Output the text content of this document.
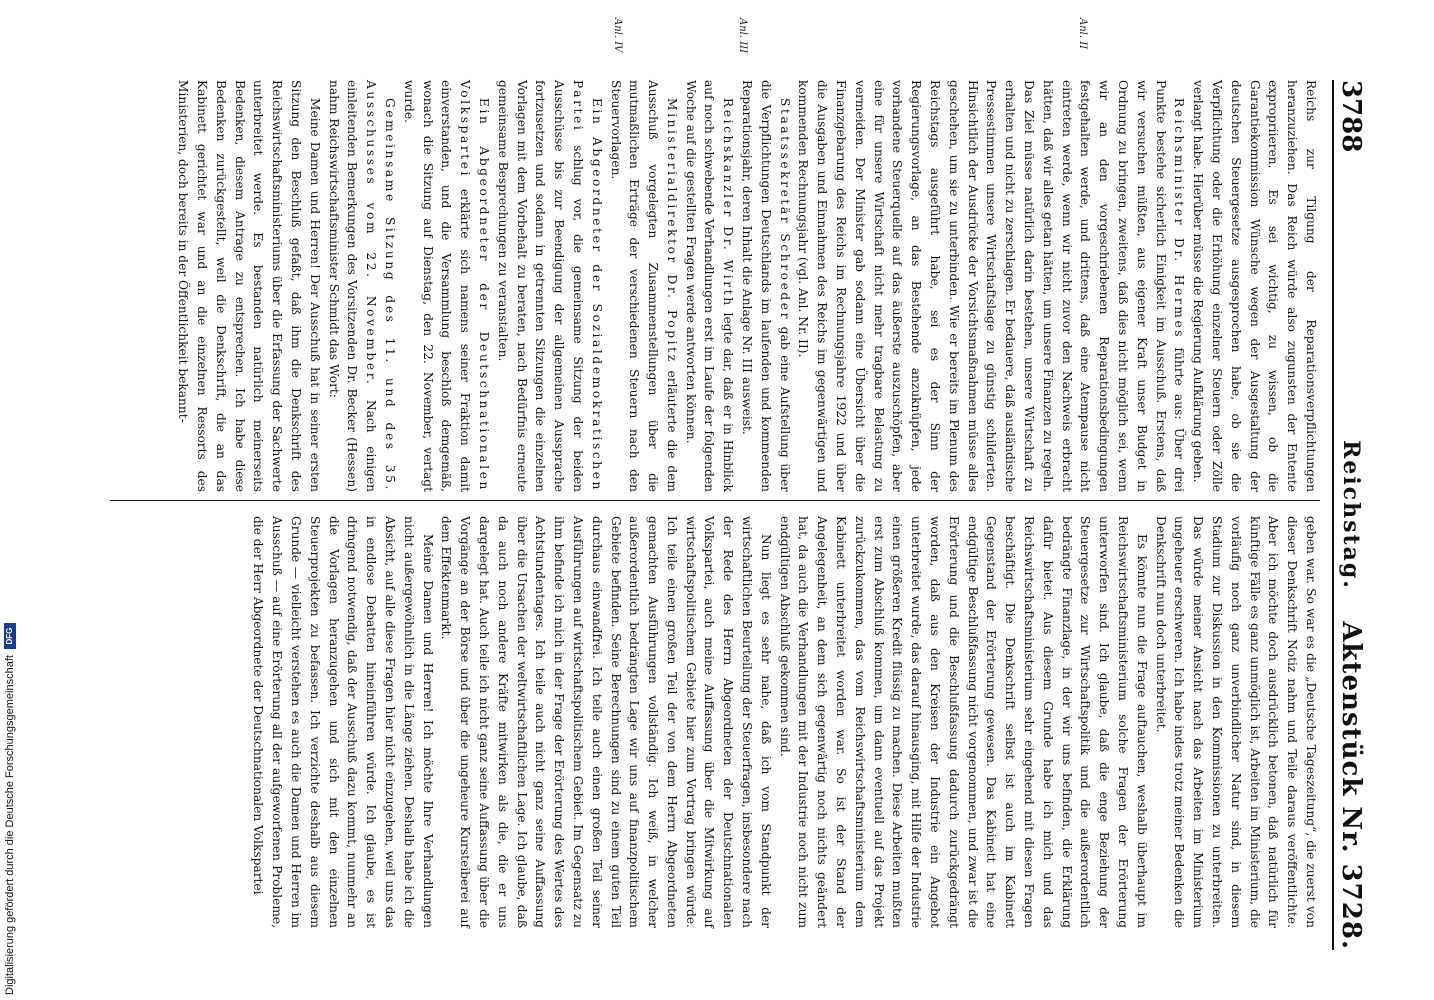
3788
Reichstag.
Aktenstück Nr. 3728.

Reichs zur Tilgung der Reparationsverpflichtungen heranzuziehen. Das Reich würde also zugunsten der Entente expropriieren. Es sei wichtig, zu wissen, ob die Garantiekommission Wünsche wegen der Ausgestaltung der deutschen Steuergesetze ausgesprochen habe, ob sie die Verpflichtung oder die Erhöhung einzelner Steuern oder Zölle verlangt habe. Hierüber müsse die Regierung Aufklärung geben.

Reichsminister Dr. Hermes führte aus: Über drei Punkte bestehe sicherlich Einigkeit im Ausschuß. Erstens, daß wir versuchen müßten, aus eigener Kraft unser Budget in Ordnung zu bringen, zweitens, daß dies nicht möglich sei, wenn wir an den vorgeschriebenen Reparationsbedingungen festgehalten werde, und drittens, daß eine Atempause nicht eintreten werde, wenn wir nicht zuvor den Nachweis erbracht hätten, daß wir alles getan hätten, um unsere Finanzen zu regeln. Das Ziel müsse natürlich darin bestehen, unsere Wirtschaft zu erhalten und nicht zu zerschlagen. Er bedauere, daß ausländische Pressestimmen unsere Wirtschaftslage zu günstig schilderten. Hinsichtlich der Ausdrücke der Vorsichtsmaßnahmen müsse alles geschehen, um sie zu unterbinden. Wie er bereits im Plenum des Reichstags ausgeführt habe, sei es der Sinn der Regierungsvorlage, an das Bestehende anzuknüpfen, jede vorhandene Steuerquelle auf das äußerste auszuschöpfen, aber eine für unsere Wirtschaft nicht mehr tragbare Belastung zu vermeiden. Der Minister gab sodann eine Übersicht über die Finanzgebarung des Reichs im Rechnungsjahre 1922 und über die Ausgaben und Einnahmen des Reichs im gegenwärtigen und kommenden Rechnungsjahr (vgl. Anl. Nr. II).

Staatssekretär Schroeder gab eine Aufstellung über die Verpflichtungen Deutschlands im laufenden und kommenden Reparationsjahr, deren Inhalt die Anlage Nr. III ausweist.

Reichskanzler Dr. Wirth legte dar, daß er in Hinblick auf noch schwebende Verhandlungen erst im Laufe der folgenden Woche auf die gestellten Fragen werde antworten können.

Ministerialdirektor Dr. Popitz erläuterte die dem Ausschuß vorgelegten Zusammenstellungen über die mutmaßlichen Erträge der verschiedenen Steuern nach den Steuervorlagen.

Ein Abgeordneter der Sozialdemokratischen Partei schlug vor, die gemeinsame Sitzung der beiden Ausschüsse bis zur Beendigung der allgemeinen Aussprache fortzusetzen und sodann in getrennten Sitzungen die einzelnen Vorlagen mit dem Vorbehalt zu beraten, nach Bedürfnis erneute gemeinsame Besprechungen zu veranstalten.

Ein Abgeordneter der Deutschnationalen Volkspartei erklärte sich namens seiner Fraktion damit einverstanden, und die Versammlung beschloß demgemäß, wonach die Sitzung auf Dienstag, den 22. November, vertagt wurde.

Gemeinsame Sitzung des 11. und des 35. Ausschusses vom 22. November. Nach einigen einleitenden Bemerkungen des Vorsitzenden Dr. Becker (Hessen) nahm Reichswirtschaftsminister Schmidt das Wort:

Meine Damen und Herren! Der Ausschuß hat in seiner ersten Sitzung den Beschluß gefaßt, daß ihm die Denkschrift des Reichswirtschaftsministeriums über die Erfassung der Sachwerte unterbreitet werde. Es bestanden natürlich meinerseits Bedenken, diesem Antrage zu entsprechen. Ich habe diese Bedenken zurückgestellt, weil die Denkschrift, die an das Kabinett gerichtet war und an die einzelnen Ressorts des Ministerien, doch bereits in der Öffentlichkeit bekannt-

geben war. So war es die „Deutsche Tageszeitung“, die zuerst von dieser Denkschrift Notiz nahm und Teile daraus veröffentlichte. Aber ich möchte doch ausdrücklich betonen, daß natürlich für künftige Fälle es ganz unmöglich ist, Arbeiten im Ministerium, die vorläufig noch ganz unverbindlicher Natur sind, in diesem Stadium zur Diskussion in den Kommissionen zu unterbreiten. Das würde meiner Ansicht nach das Arbeiten im Ministerium ungeheuer erschweren. Ich habe indes trotz meiner Bedenken die Denkschrift nun doch unterbreitet.

Es könnte nun die Frage auftauchen, weshalb überhaupt im Reichswirtschaftsministerium solche Fragen der Erörterung unterworfen sind. Ich glaube, daß die enge Beziehung der Steuergesetze zur Wirtschaftspolitik und die außerordentlich bedrängte Finanzlage, in der wir uns befinden, die Erklärung dafür bietet. Aus diesem Grunde habe ich mich und das Reichswirtschaftsministerium sehr eingehend mit diesen Fragen beschäftigt. Die Denkschrift selbst ist auch im Kabinett Gegenstand der Erörterung gewesen. Das Kabinett hat eine endgültige Beschlußfassung nicht vorgenommen, und zwar ist die Erörterung und die Beschlußfassung dadurch zurückgedrängt worden, daß aus den Kreisen der Industrie ein Angebot unterbreitet wurde, das darauf hinausging, mit Hilfe der Industrie einen größeren Kredit flüssig zu machen. Diese Arbeiten mußten erst zum Abschluß kommen, um dann eventuell auf das Projekt zurückzukommen, das vom Reichswirtschaftsministerium dem Kabinett unterbreitet worden war. So ist der Stand der Angelegenheit, an dem sich gegenwärtig noch nichts geändert hat, da auch die Verhandlungen mit der Industrie noch nicht zum endgültigen Abschluß gekommen sind.

Nun liegt es sehr nahe, daß ich vom Standpunkt der wirtschaftlichen Beurteilung der Steuerfragen, insbesondere nach der Rede des Herrn Abgeordneten der Deutschnationalen Volkspartei, auch meine Auffassung über die Mitwirkung auf wirtschaftspolitischem Gebiete hier zum Vortrag bringen würde. Ich teile einen großen Teil der von dem Herrn Abgeordneten gemachten Ausführungen vollständig. Ich weiß, in welcher außerordentlich bedrängten Lage wir uns auf finanzpolitischem Gebiete befinden. Seine Berechnungen sind zu einem guten Teil durchaus einwandfrei. Ich teile auch einen großen Teil seiner Ausführungen auf wirtschaftspolitischem Gebiet. Im Gegensatz zu ihm befinde ich mich in der Frage der Erörterung des Wertes des Achtstundentages. Ich teile auch nicht ganz seine Auffassung über die Ursachen der weltwirtschaftlichen Lage. Ich glaube, daß da auch noch andere Kräfte mitwirken als die, die er uns dargelegt hat. Auch teile ich nicht ganz seine Auffassung über die Vorgänge an der Börse und über die ungeheure Kursteiberei auf dem Effektenmarkt.

Meine Damen und Herren! Ich möchte Ihre Verhandlungen nicht außergewöhnlich in die Länge ziehen. Deshalb habe ich die Absicht, auf alle diese Fragen hier nicht einzugehen, weil uns das in endlose Debatten hineinführen würde. Ich glaube, es ist dringend notwendig, daß der Ausschuß dazu kommt, nunmehr an die Vorlagen heranzugehen und sich mit den einzelnen Steuerprojekten zu befassen. Ich verzichte deshalb aus diesem Grunde — vielleicht verstehen es auch die Damen und Herren im Ausschuß — auf eine Erörterung all der aufgeworfenen Probleme, die der Herr Abgeordnete der Deutschnationalen Volkspartei

Anl. II
Anl. III
Anl. IV
Digitalisierung gefördert durch die Deutsche Forschungsgemeinschaft
DFG
